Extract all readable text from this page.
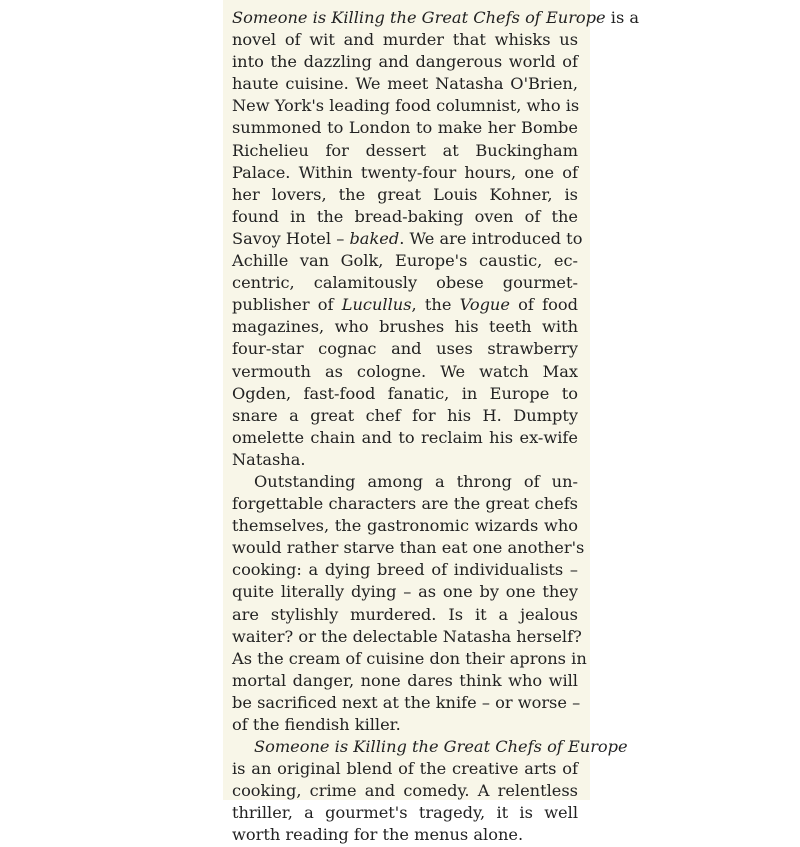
Someone is Killing the Great Chefs of Europe is a
novel of wit and murder that whisks us
into the dazzling and dangerous world of
haute cuisine. We meet Natasha O'Brien,
New York's leading food columnist, who is
summoned to London to make her Bombe
Richelieu for dessert at Buckingham
Palace. Within twenty-four hours, one of
her lovers, the great Louis Kohner, is
found in the bread-baking oven of the
Savoy Hotel – baked. We are introduced to
Achille van Golk, Europe's caustic, ec-
centric, calamitously obese gourmet-
publisher of Lucullus, the Vogue of food
magazines, who brushes his teeth with
four-star cognac and uses strawberry
vermouth as cologne. We watch Max
Ogden, fast-food fanatic, in Europe to
snare a great chef for his H. Dumpty
omelette chain and to reclaim his ex-wife
Natasha.
Outstanding among a throng of un-
forgettable characters are the great chefs
themselves, the gastronomic wizards who
would rather starve than eat one another's
cooking: a dying breed of individualists –
quite literally dying – as one by one they
are stylishly murdered. Is it a jealous
waiter? or the delectable Natasha herself?
As the cream of cuisine don their aprons in
mortal danger, none dares think who will
be sacrificed next at the knife – or worse –
of the fiendish killer.
Someone is Killing the Great Chefs of Europe
is an original blend of the creative arts of
cooking, crime and comedy. A relentless
thriller, a gourmet's tragedy, it is well
worth reading for the menus alone.
